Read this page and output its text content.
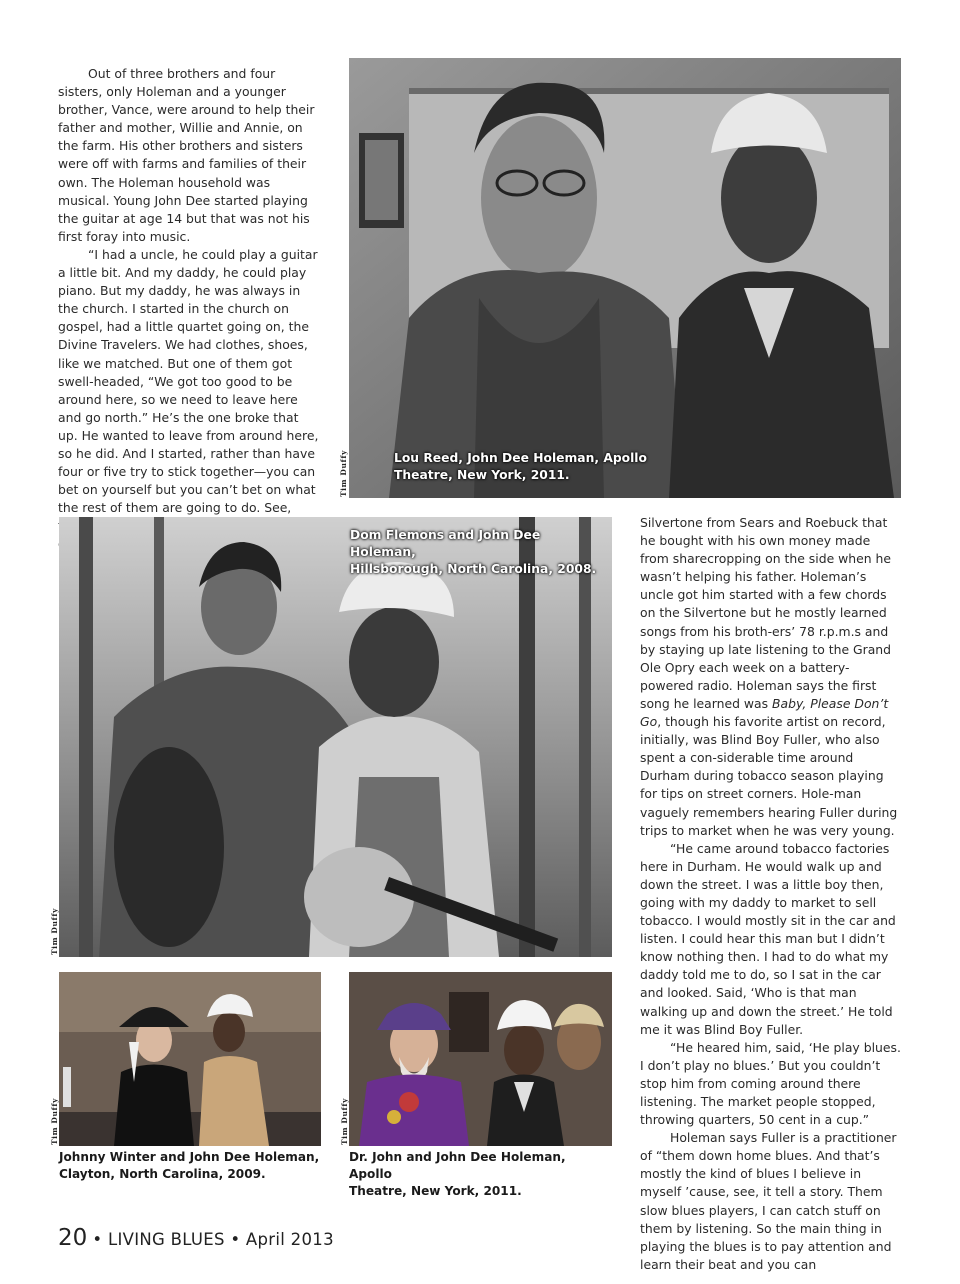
Out of three brothers and four sisters, only Holeman and a younger brother, Vance, were around to help their father and mother, Willie and Annie, on the farm. His other brothers and sisters were off with farms and families of their own. The Holeman household was musical. Young John Dee started playing the guitar at age 14 but that was not his first foray into music.

“I had a uncle, he could play a guitar a little bit. And my daddy, he could play piano. But my daddy, he was always in the church. I started in the church on gospel, had a little quartet going on, the Divine Travelers. We had clothes, shoes, like we matched. But one of them got swell-headed, “We got too good to be around here, so we need to leave here and go north.” He’s the one broke that up. He wanted to leave from around here, so he did. And I started, rather than have four or five try to stick together—you can bet on yourself but you can’t bet on what the rest of them are going to do. See,

Lou Reed, John Dee Holeman, Apollo
Theatre, New York, 2011.
Tim Duffy
Dom Flemons and John Dee Holeman,
Hillsborough, North Carolina, 2008.
Tim Duffy

Silvertone from Sears and Roebuck that he bought with his own money made from sharecropping on the side when he wasn’t helping his father. Holeman’s uncle got him started with a few chords on the Silvertone but he mostly learned songs from his broth-ers’ 78 r.p.m.s and by staying up late listening to the Grand Ole Opry each week on a battery-powered radio. Holeman says the first song he learned was Baby, Please Don’t Go, though his favorite artist on record, initially, was Blind Boy Fuller, who also spent a con-siderable time around Durham during tobacco season playing for tips on street corners. Hole-man vaguely remembers hearing Fuller during trips to market when he was very young.

“He came around tobacco factories here in Durham. He would walk up and down the street. I was a little boy then, going with my daddy to market to sell tobacco. I would mostly sit in the car and listen. I could hear this man but I didn’t know nothing then. I had to do what my daddy told me to do, so I sat in the car and looked. Said, ‘Who is that man walking up and down the street.’ He told me it was Blind Boy Fuller.

“He heared him, said, ‘He play blues. I don’t play no blues.’ But you couldn’t stop him from coming around there listening. The market people stopped, throwing quarters, 50 cent in a cup.”

Holeman says Fuller is a practitioner of “them down home blues. And that’s mostly the kind of blues I believe in myself ’cause, see, it tell a story. Them slow blues players, I can catch stuff on them by listening. So the main thing in playing the blues is to pay attention and learn their beat and you can

Tim Duffy
Johnny Winter and John Dee Holeman,
Clayton, North Carolina, 2009.
Tim Duffy
Dr. John and John Dee Holeman, Apollo
Theatre, New York, 2011.
20 • LIVING BLUES • April 2013
